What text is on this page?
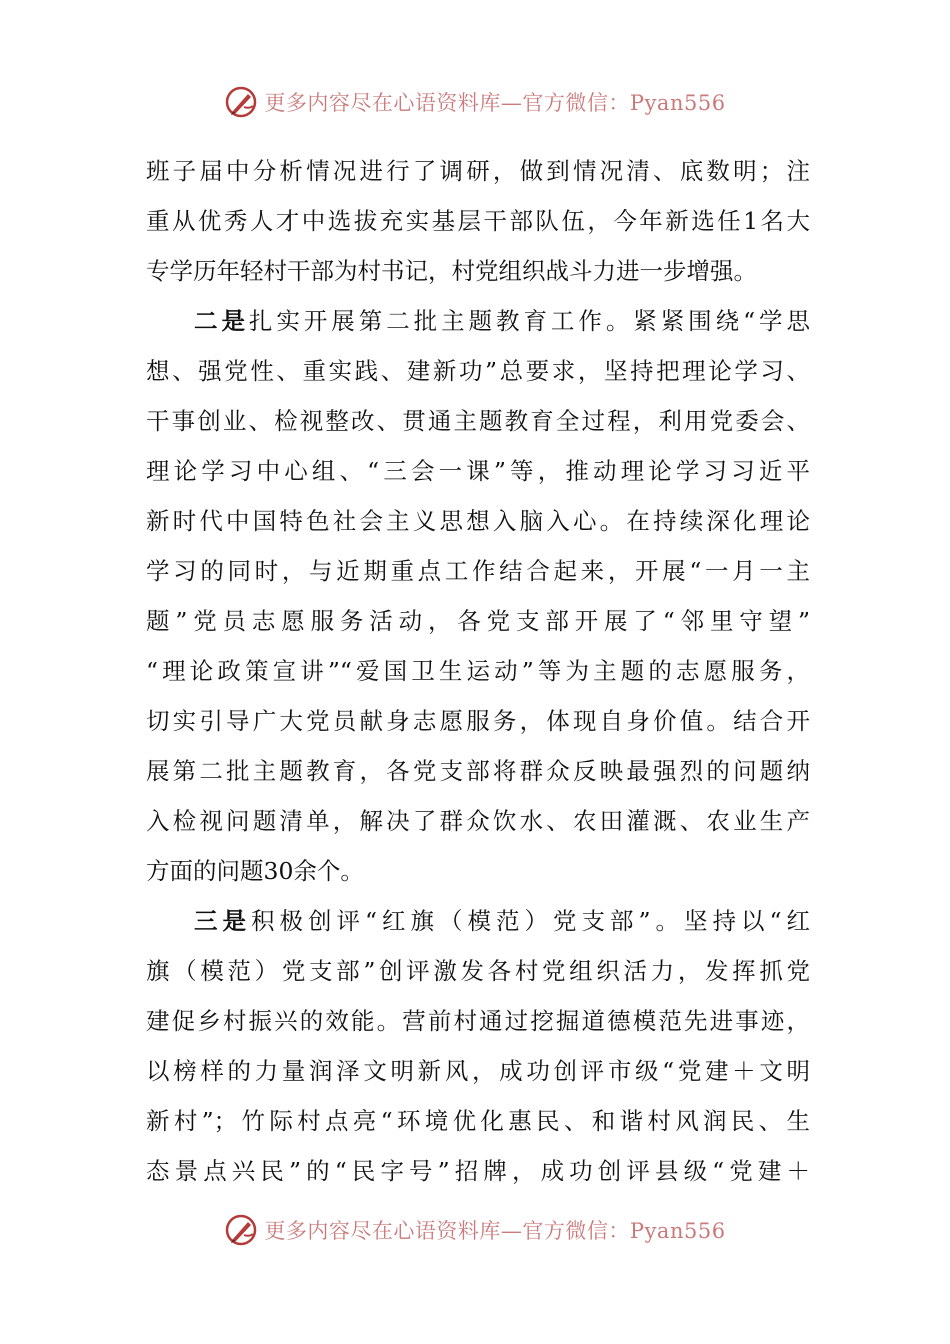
更多内容尽在心语资料库—官方微信：Pyan556
班子届中分析情况进行了调研，做到情况清、底数明；注
重从优秀人才中选拔充实基层干部队伍，今年新选任1名大
专学历年轻村干部为村书记，村党组织战斗力进一步增强。
二是扎实开展第二批主题教育工作。紧紧围绕“学思
想、强党性、重实践、建新功”总要求，坚持把理论学习、
干事创业、检视整改、贯通主题教育全过程，利用党委会、
理论学习中心组、“三会一课”等，推动理论学习习近平
新时代中国特色社会主义思想入脑入心。在持续深化理论
学习的同时，与近期重点工作结合起来，开展“一月一主
题”党员志愿服务活动，各党支部开展了“邻里守望”
“理论政策宣讲”“爱国卫生运动”等为主题的志愿服务，
切实引导广大党员献身志愿服务，体现自身价值。结合开
展第二批主题教育，各党支部将群众反映最强烈的问题纳
入检视问题清单，解决了群众饮水、农田灌溉、农业生产
方面的问题30余个。
三是积极创评“红旗（模范）党支部”。坚持以“红
旗（模范）党支部”创评激发各村党组织活力，发挥抓党
建促乡村振兴的效能。营前村通过挖掘道德模范先进事迹，
以榜样的力量润泽文明新风，成功创评市级“党建＋文明
新村”；竹际村点亮“环境优化惠民、和谐村风润民、生
态景点兴民”的“民字号”招牌，成功创评县级“党建＋
更多内容尽在心语资料库—官方微信：Pyan556
